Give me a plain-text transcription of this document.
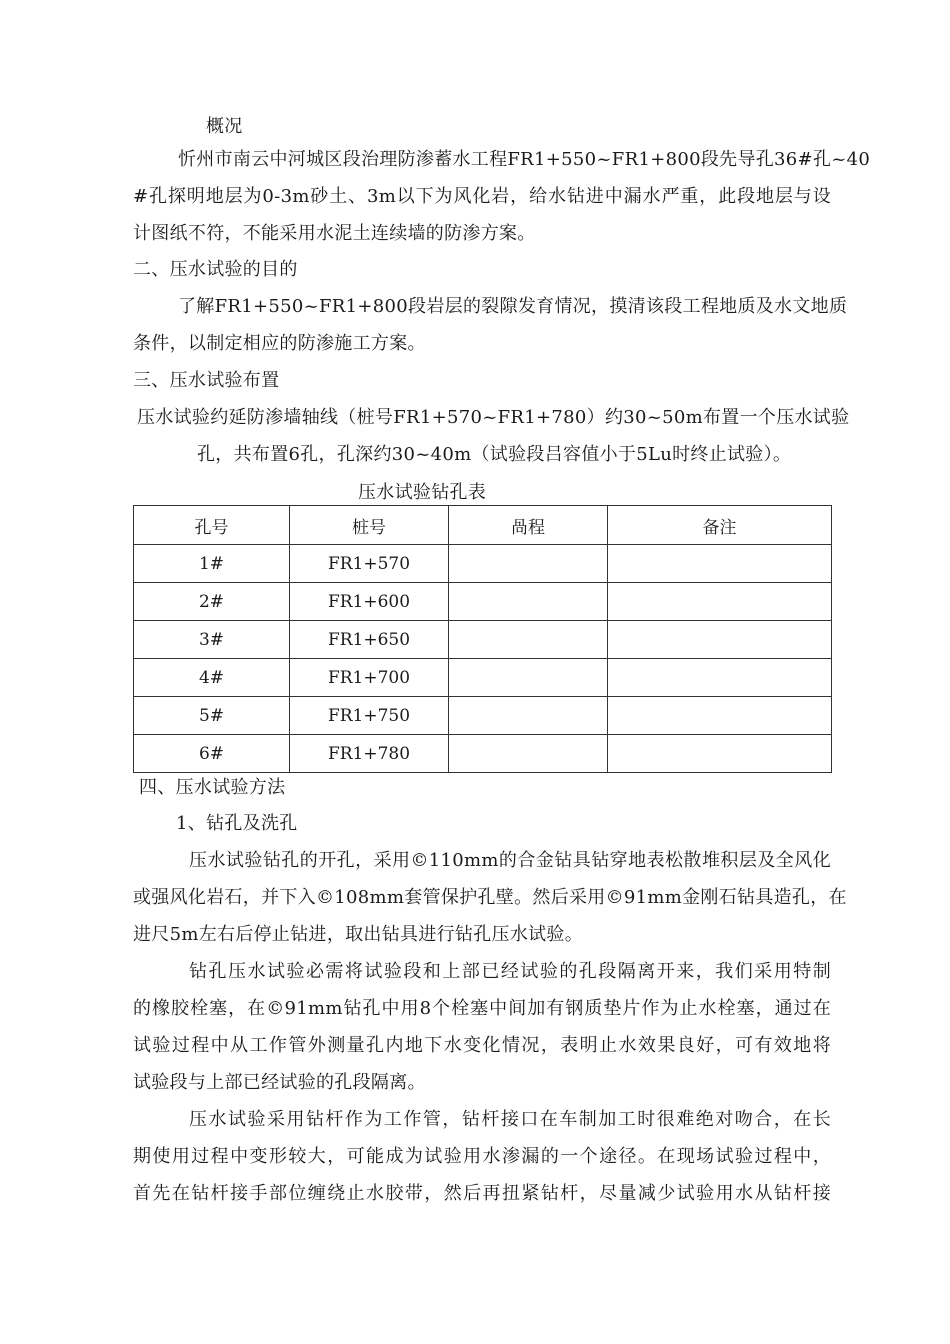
概况
忻州市南云中河城区段治理防渗蓄水工程FR1+550~FR1+800段先导孔36#孔~40
#孔探明地层为0-3m砂土、3m以下为风化岩，给水钻进中漏水严重，此段地层与设
计图纸不符，不能采用水泥土连续墙的防渗方案。
二、压水试验的目的
了解FR1+550~FR1+800段岩层的裂隙发育情况，摸清该段工程地质及水文地质
条件，以制定相应的防渗施工方案。
三、压水试验布置
压水试验约延防渗墙轴线（桩号FR1+570~FR1+780）约30~50m布置一个压水试验
孔，共布置6孔，孔深约30~40m（试验段吕容值小于5Lu时终止试验）。
压水试验钻孔表
孔号	桩号	咼程	备注
1#	FR1+570		
2#	FR1+600		
3#	FR1+650		
4#	FR1+700		
5#	FR1+750		
6#	FR1+780		
四、压水试验方法
1、钻孔及洗孔
压水试验钻孔的开孔，采用©110mm的合金钻具钻穿地表松散堆积层及全风化
或强风化岩石，并下入©108mm套管保护孔壁。然后采用©91mm金刚石钻具造孔，在
进尺5m左右后停止钻进，取出钻具进行钻孔压水试验。
钻孔压水试验必需将试验段和上部已经试验的孔段隔离开来，我们采用特制
的橡胶栓塞，在©91mm钻孔中用8个栓塞中间加有钢质垫片作为止水栓塞，通过在
试验过程中从工作管外测量孔内地下水变化情况，表明止水效果良好，可有效地将
试验段与上部已经试验的孔段隔离。
压水试验采用钻杆作为工作管，钻杆接口在车制加工时很难绝对吻合，在长
期使用过程中变形较大，可能成为试验用水渗漏的一个途径。在现场试验过程中，
首先在钻杆接手部位缠绕止水胶带，然后再扭紧钻杆，尽量减少试验用水从钻杆接
